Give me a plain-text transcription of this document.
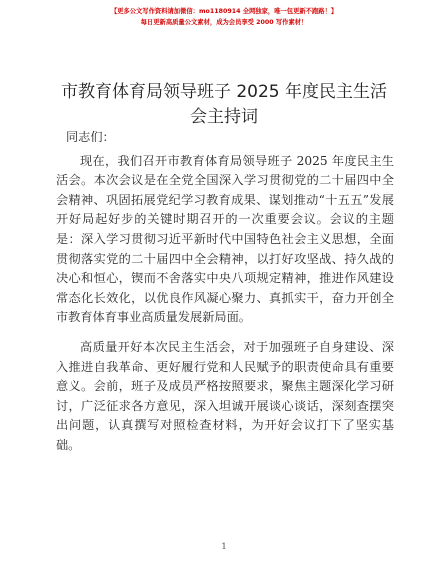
【更多公文写作资料请加微信：mo1180914 全网独家，唯一包更新不跑路！】
每日更新高质量公文素材，成为会员享受 2000 写作素材！
市教育体育局领导班子 2025 年度民主生活会主持词

同志们：

现在，我们召开市教育体育局领导班子 2025 年度民主生活会。本次会议是在全党全国深入学习贯彻党的二十届四中全会精神、巩固拓展党纪学习教育成果、谋划推动“十五五”发展开好局起好步的关键时期召开的一次重要会议。会议的主题是：深入学习贯彻习近平新时代中国特色社会主义思想，全面贯彻落实党的二十届四中全会精神，以打好攻坚战、持久战的决心和恒心，锲而不舍落实中央八项规定精神，推进作风建设常态化长效化，以优良作风凝心聚力、真抓实干，奋力开创全市教育体育事业高质量发展新局面。

高质量开好本次民主生活会，对于加强班子自身建设、深入推进自我革命、更好履行党和人民赋予的职责使命具有重要意义。会前，班子及成员严格按照要求，聚焦主题深化学习研讨，广泛征求各方意见，深入坦诚开展谈心谈话，深刻查摆突出问题，认真撰写对照检查材料，为开好会议打下了坚实基础。

1
